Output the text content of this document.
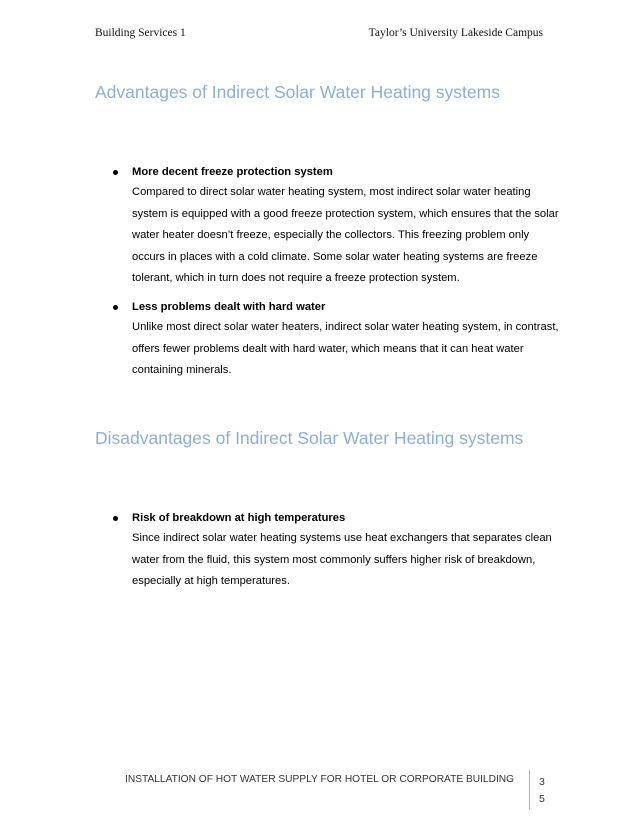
Building Services 1	Taylor’s University Lakeside Campus
Advantages of Indirect Solar Water Heating systems

More decent freeze protection system

Compared to direct solar water heating system, most indirect solar water heating system is equipped with a good freeze protection system, which ensures that the solar water heater doesn’t freeze, especially the collectors. This freezing problem only occurs in places with a cold climate. Some solar water heating systems are freeze tolerant, which in turn does not require a freeze protection system.

Less problems dealt with hard water

Unlike most direct solar water heaters, indirect solar water heating system, in contrast, offers fewer problems dealt with hard water, which means that it can heat water containing minerals.

Disadvantages of Indirect Solar Water Heating systems

Risk of breakdown at high temperatures

Since indirect solar water heating systems use heat exchangers that separates clean water from the fluid, this system most commonly suffers higher risk of breakdown, especially at high temperatures.

INSTALLATION OF HOT WATER SUPPLY FOR HOTEL OR CORPORATE BUILDING 3
5
